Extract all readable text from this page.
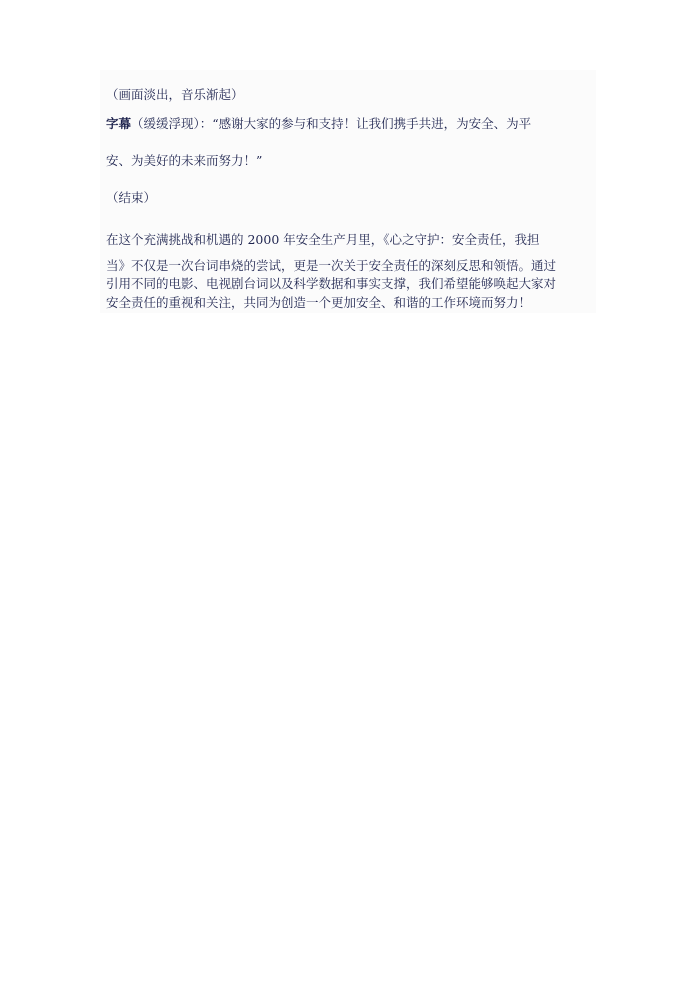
（画面淡出，音乐渐起）
字幕（缓缓浮现）：“感谢大家的参与和支持！让我们携手共进，为安全、为平
安、为美好的未来而努力！”
（结束）
在这个充满挑战和机遇的 2000 年安全生产月里，《心之守护：安全责任，我担
当》不仅是一次台词串烧的尝试，更是一次关于安全责任的深刻反思和领悟。通过
引用不同的电影、电视剧台词以及科学数据和事实支撑，我们希望能够唤起大家对
安全责任的重视和关注，共同为创造一个更加安全、和谐的工作环境而努力！
